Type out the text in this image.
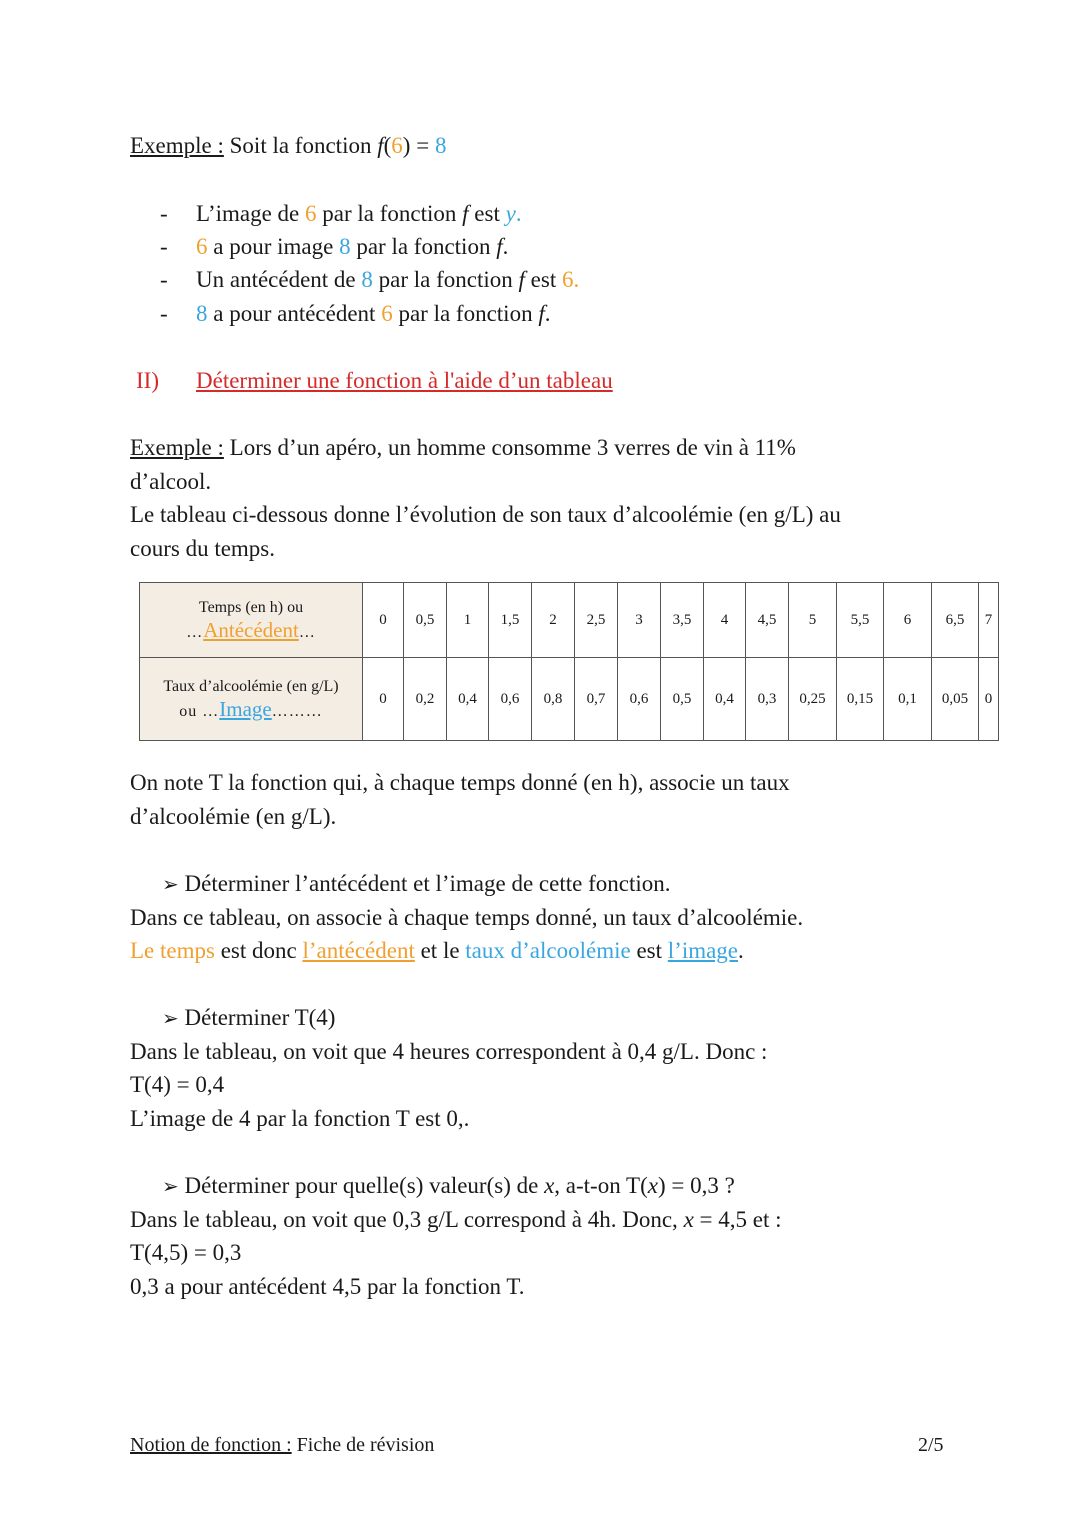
Exemple : Soit la fonction f(6) = 8
- L’image de 6 par la fonction f est y.
- 6 a pour image 8 par la fonction f.
- Un antécédent de 8 par la fonction f est 6.
- 8 a pour antécédent 6 par la fonction f.
II) Déterminer une fonction à l'aide d’un tableau
Exemple : Lors d’un apéro, un homme consomme 3 verres de vin à 11%
d’alcool.
Le tableau ci-dessous donne l’évolution de son taux d’alcoolémie (en g/L) au
cours du temps.
Temps (en h) ou
…Antécédent…	0	0,5	1	1,5	2	2,5	3	3,5	4	4,5	5	5,5	6	6,5	7

Taux d’alcoolémie (en g/L)
ou …Image………	0	0,2	0,4	0,6	0,8	0,7	0,6	0,5	0,4	0,3	0,25	0,15	0,1	0,05	0
On note T la fonction qui, à chaque temps donné (en h), associe un taux
d’alcoolémie (en g/L).
➢ Déterminer l’antécédent et l’image de cette fonction.
Dans ce tableau, on associe à chaque temps donné, un taux d’alcoolémie.
Le temps est donc l’antécédent et le taux d’alcoolémie est l’image.
➢ Déterminer T(4)
Dans le tableau, on voit que 4 heures correspondent à 0,4 g/L. Donc :
T(4) = 0,4
L’image de 4 par la fonction T est 0,.
➢ Déterminer pour quelle(s) valeur(s) de x, a-t-on T(x) = 0,3 ?
Dans le tableau, on voit que 0,3 g/L correspond à 4h. Donc, x = 4,5 et :
T(4,5) = 0,3
0,3 a pour antécédent 4,5 par la fonction T.
Notion de fonction : Fiche de révision	2/5
